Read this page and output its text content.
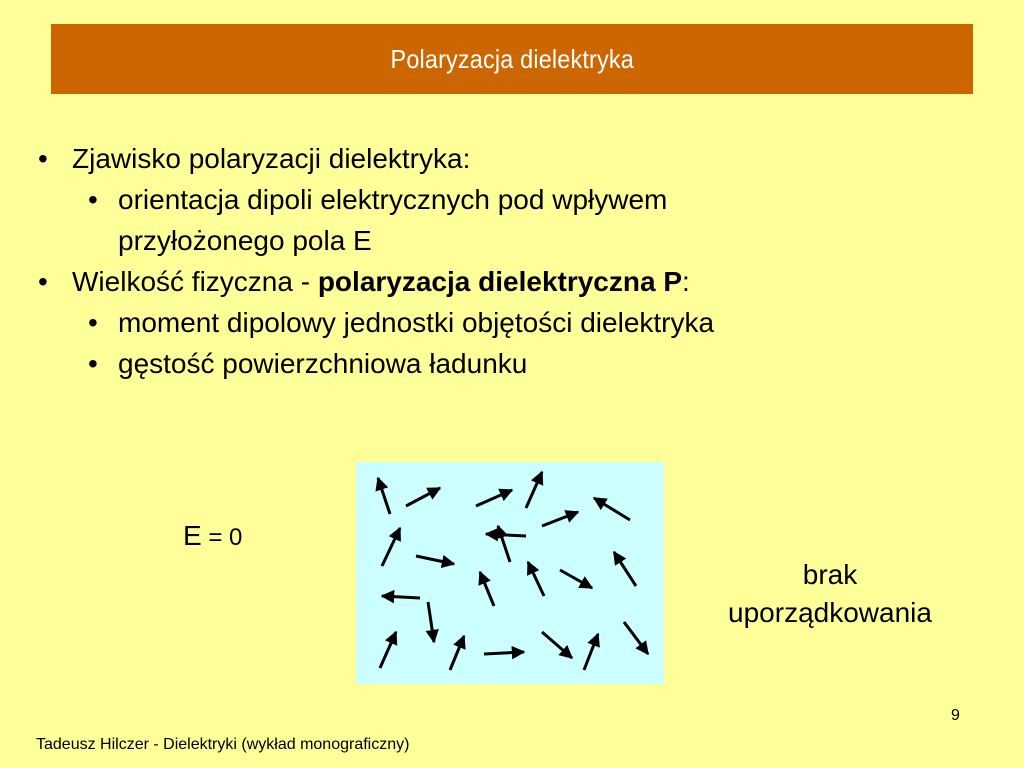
Polaryzacja dielektryka
• Zjawisko polaryzacji dielektryka:
• orientacja dipoli elektrycznych pod wpływem
przyłożonego pola E
• Wielkość fizyczna - polaryzacja dielektryczna P:
• moment dipolowy jednostki objętości dielektryka
• gęstość powierzchniowa ładunku
E = 0
brak
uporządkowania
9
Tadeusz Hilczer - Dielektryki (wykład monograficzny)
